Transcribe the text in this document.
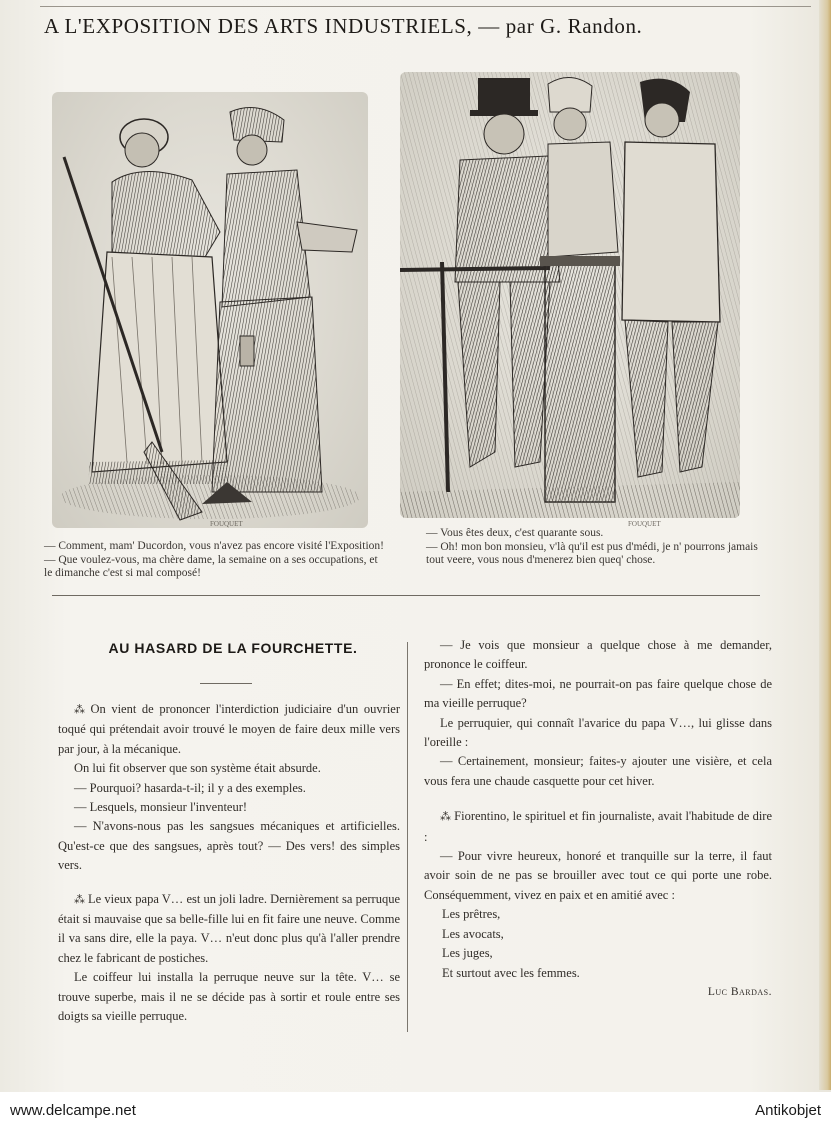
A L'EXPOSITION DES ARTS INDUSTRIELS, — par G. Randon.
FOUQUET	FOUQUET

— Comment, mam' Ducordon, vous n'avez pas encore visité l'Exposition!

— Que voulez-vous, ma chère dame, la semaine on a ses occupations, et le dimanche c'est si mal composé!

— Vous êtes deux, c'est quarante sous.

— Oh! mon bon monsieu, v'là qu'il est pus d'médi, je n' pourrons jamais tout veere, vous nous d'menerez bien queq' chose.

AU HASARD DE LA FOURCHETTE.

⁂ On vient de prononcer l'interdiction judiciaire d'un ouvrier toqué qui prétendait avoir trouvé le moyen de faire deux mille vers par jour, à la mécanique.

On lui fit observer que son système était absurde.

— Pourquoi? hasarda-t-il; il y a des exemples.

— Lesquels, monsieur l'inventeur!

— N'avons-nous pas les sangsues mécaniques et artificielles. Qu'est-ce que des sangsues, après tout? — Des vers! des simples vers.

⁂ Le vieux papa V… est un joli ladre. Dernièrement sa perruque était si mauvaise que sa belle-fille lui en fit faire une neuve. Comme il va sans dire, elle la paya. V… n'eut donc plus qu'à l'aller prendre chez le fabricant de postiches.

Le coiffeur lui installa la perruque neuve sur la tête. V… se trouve superbe, mais il ne se décide pas à sortir et roule entre ses doigts sa vieille perruque.

— Je vois que monsieur a quelque chose à me demander, prononce le coiffeur.

— En effet; dites-moi, ne pourrait-on pas faire quelque chose de ma vieille perruque?

Le perruquier, qui connaît l'avarice du papa V…, lui glisse dans l'oreille :

— Certainement, monsieur; faites-y ajouter une visière, et cela vous fera une chaude casquette pour cet hiver.

⁂ Fiorentino, le spirituel et fin journaliste, avait l'habitude de dire :

— Pour vivre heureux, honoré et tranquille sur la terre, il faut avoir soin de ne pas se brouiller avec tout ce qui porte une robe. Conséquemment, vivez en paix et en amitié avec :

Les prêtres,

Les avocats,

Les juges,

Et surtout avec les femmes.

Luc Bardas.

www.delcampe.net	Antikobjet
